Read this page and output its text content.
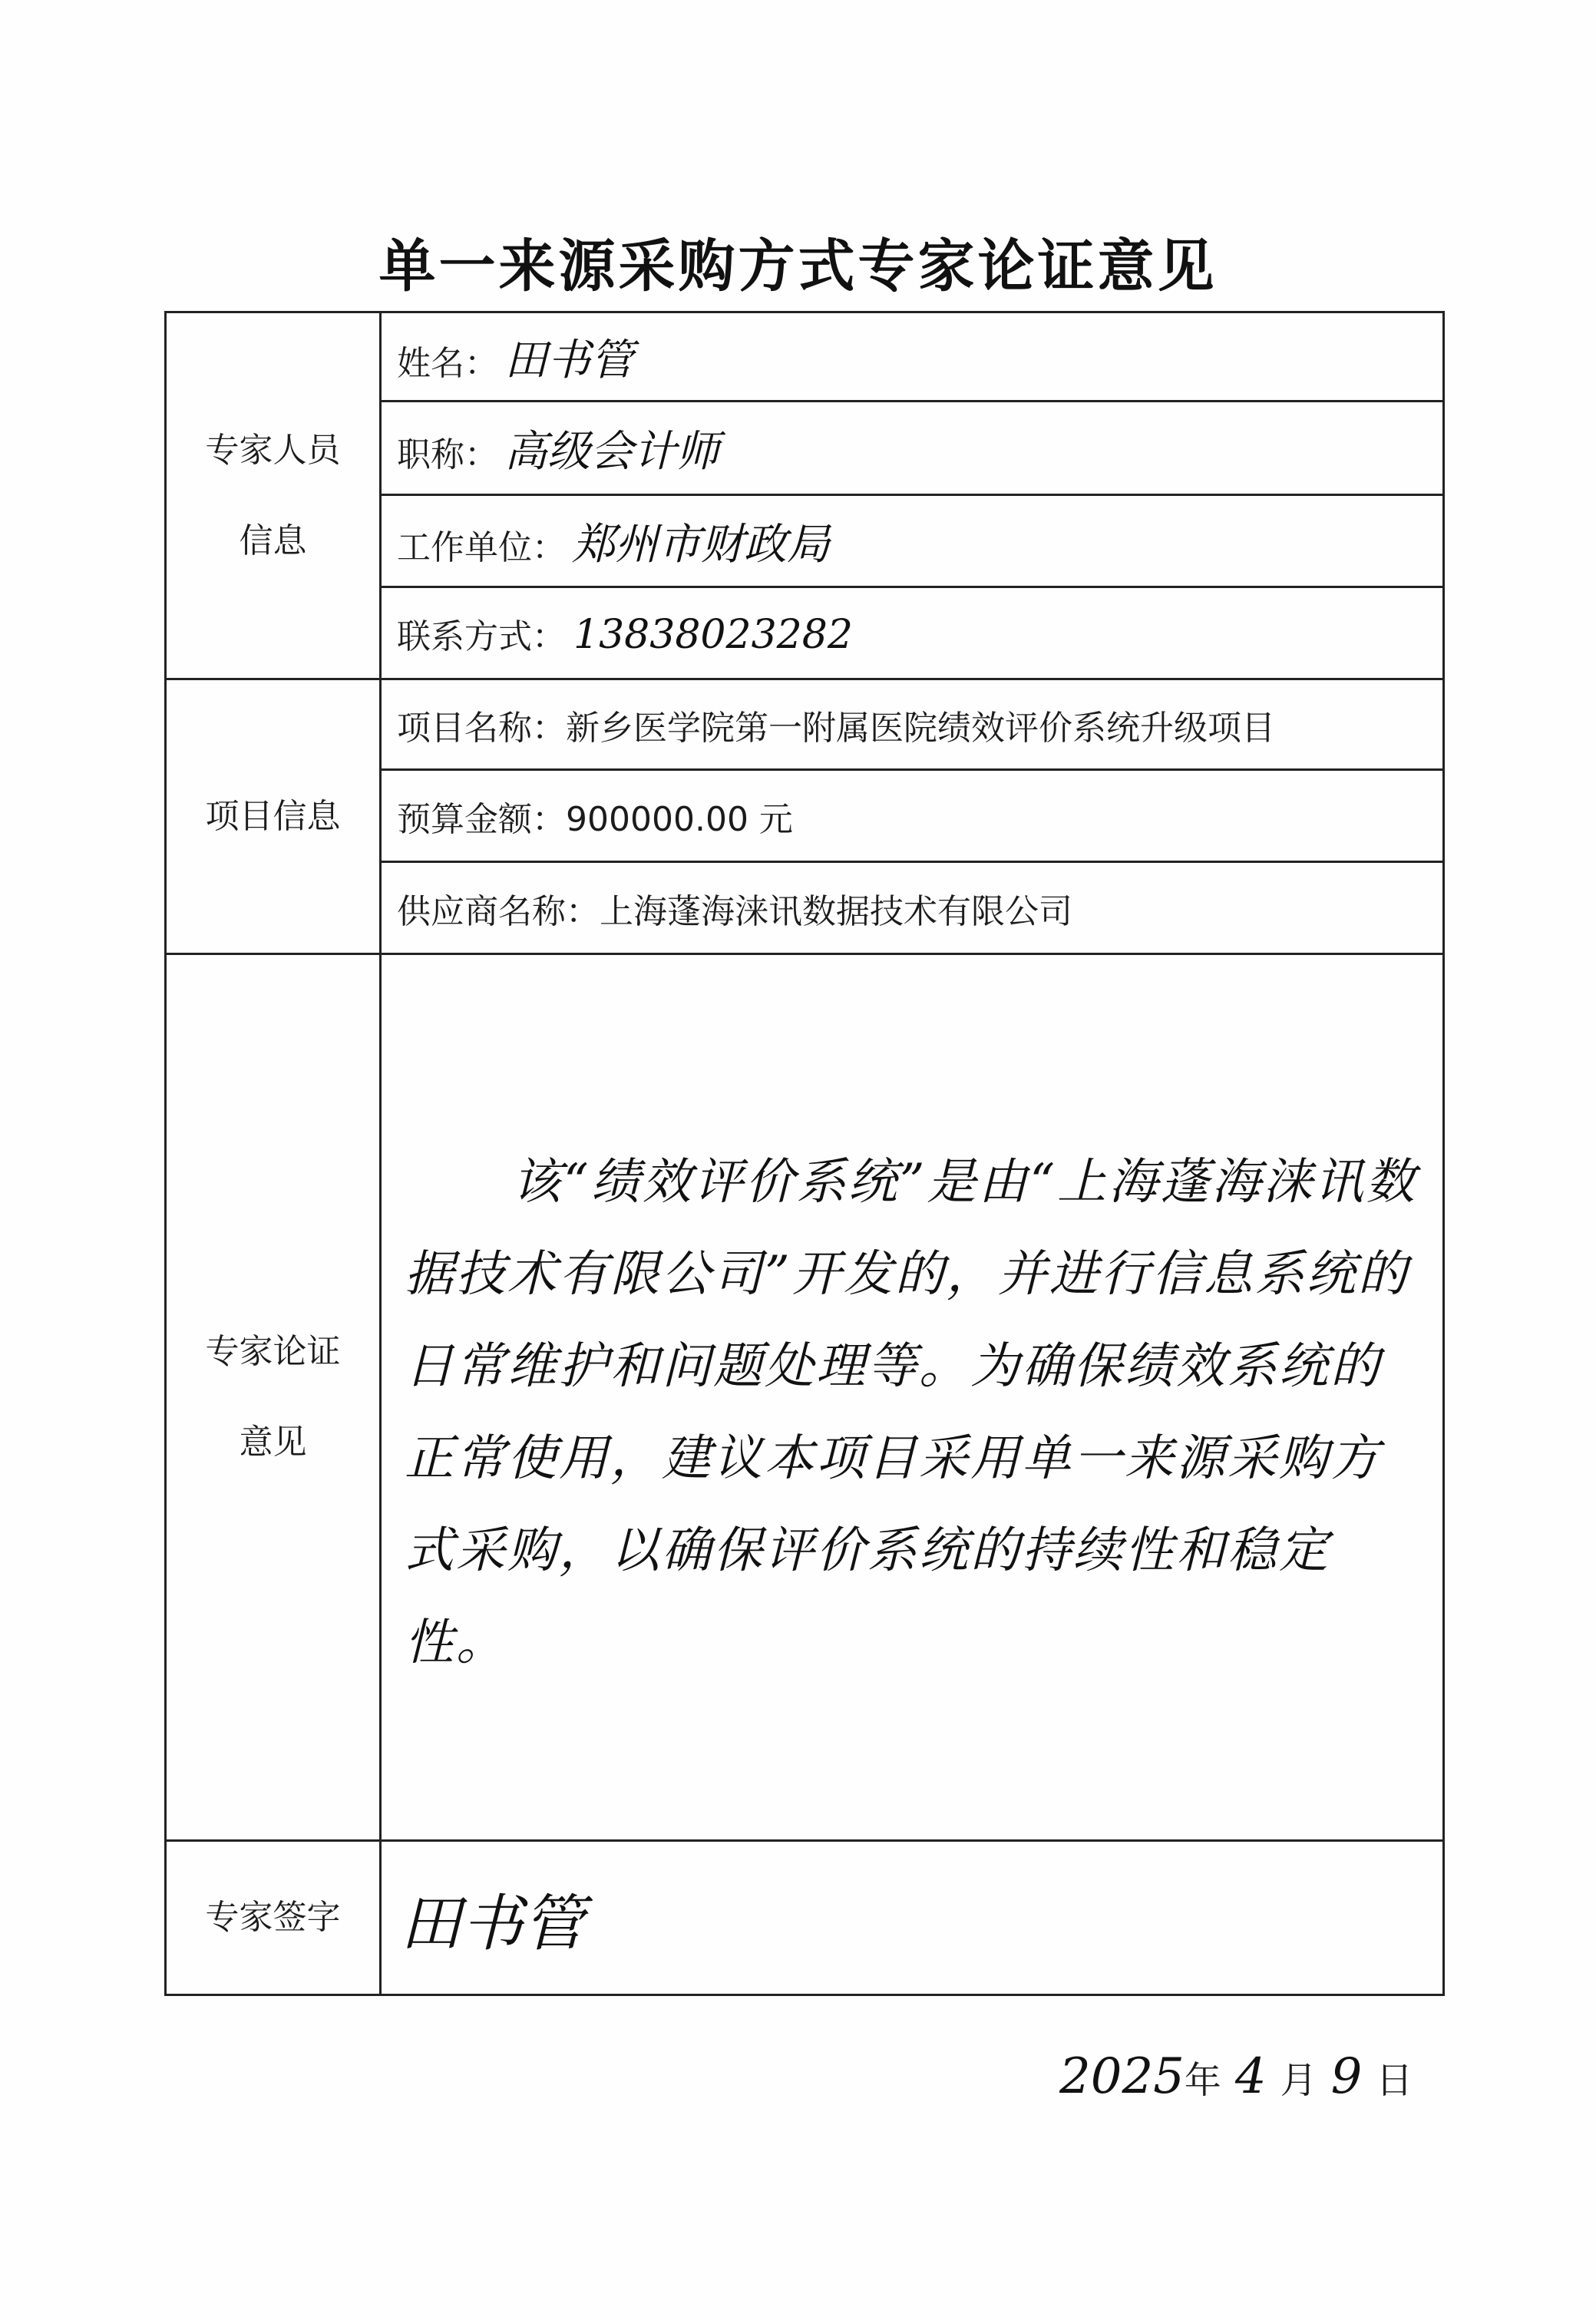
单一来源采购方式专家论证意见
专家人员
信息	姓名： 田书管
	职称： 高级会计师
	工作单位： 郑州市财政局
	联系方式： 13838023282
项目信息	项目名称：新乡医学院第一附属医院绩效评价系统升级项目
	预算金额：900000.00 元
	供应商名称：上海蓬海涞讯数据技术有限公司

专家论证
意见	该“绩效评价系统”是由“上海蓬海涞讯数据技术有限公司”开发的，并进行信息系统的日常维护和问题处理等。为确保绩效系统的正常使用，建议本项目采用单一来源采购方式采购，以确保评价系统的持续性和稳定性。

专家签字	田书管
2025年 4 月 9 日
